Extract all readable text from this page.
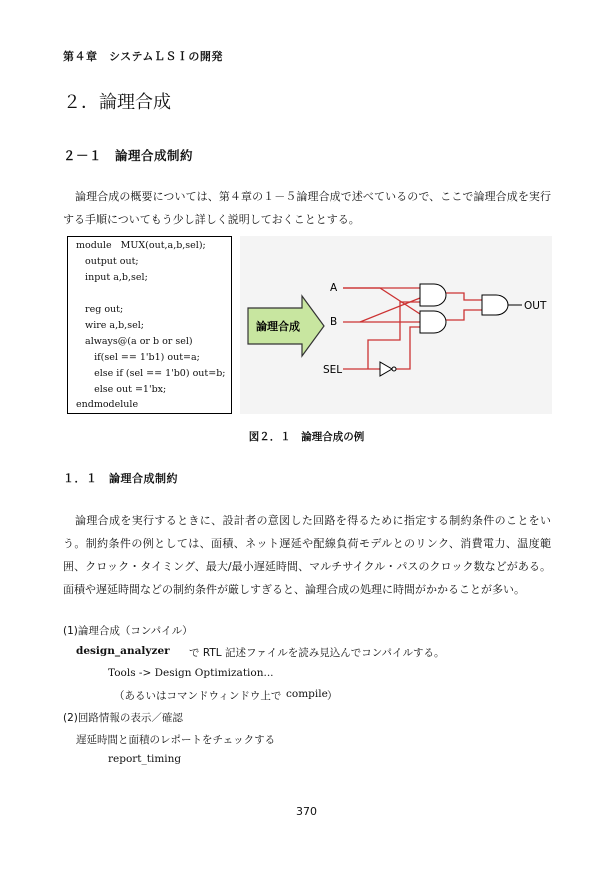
第４章　システムＬＳＩの開発
２．論理合成
２－１　論理合成制約
論理合成の概要については、第４章の１－５論理合成で述べているので、ここで論理合成を実行する手順についてもう少し詳しく説明しておくこととする。
module   MUX(out,a,b,sel);
output out;
input a,b,sel;
reg out;
wire a,b,sel;
always@(a or b or sel)
if(sel == 1'b1) out=a;
else if (sel == 1'b0) out=b;
else out =1'bx;
endmodelule
論理合成
A
B
SEL
OUT
図２．１　論理合成の例
１．１　論理合成制約
論理合成を実行するときに、設計者の意図した回路を得るために指定する制約条件のことをいう。制約条件の例としては、面積、ネット遅延や配線負荷モデルとのリンク、消費電力、温度範囲、クロック・タイミング、最大/最小遅延時間、マルチサイクル・パスのクロック数などがある。面積や遅延時間などの制約条件が厳しすぎると、論理合成の処理に時間がかかることが多い。
(1)論理合成（コンパイル）
design_analyzer で RTL 記述ファイルを読み見込んでコンパイルする。
Tools -> Design Optimization...
（あるいはコマンドウィンドウ上で compile ）
(2)回路情報の表示／確認
遅延時間と面積のレポートをチェックする
report_timing
370
